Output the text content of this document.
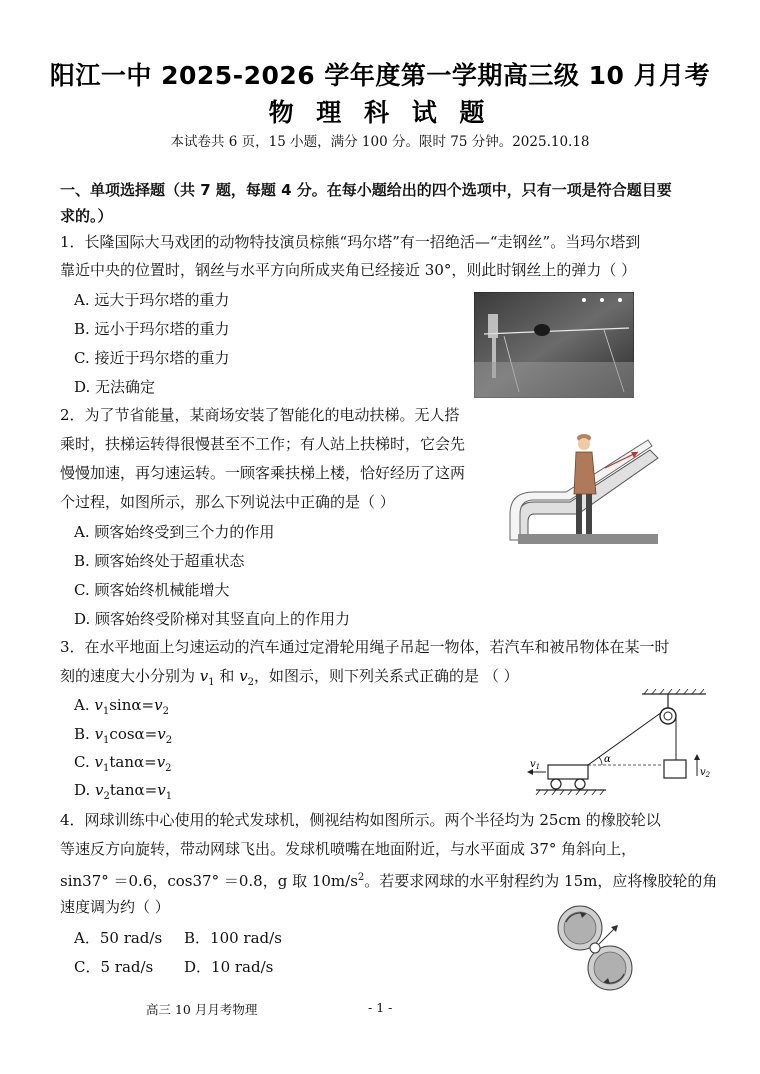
阳江一中 2025-2026 学年度第一学期高三级 10 月月考
物 理 科 试 题
本试卷共 6 页，15 小题，满分 100 分。限时 75 分钟。2025.10.18
一、单项选择题（共 7 题，每题 4 分。在每小题给出的四个选项中，只有一项是符合题目要
求的。）
1．长隆国际大马戏团的动物特技演员棕熊“玛尔塔”有一招绝活—“走钢丝”。当玛尔塔到
靠近中央的位置时，钢丝与水平方向所成夹角已经接近 30°，则此时钢丝上的弹力（ ）
A. 远大于玛尔塔的重力
B. 远小于玛尔塔的重力
C. 接近于玛尔塔的重力
D. 无法确定
2．为了节省能量，某商场安装了智能化的电动扶梯。无人搭
乘时，扶梯运转得很慢甚至不工作；有人站上扶梯时，它会先
慢慢加速，再匀速运转。一顾客乘扶梯上楼，恰好经历了这两
个过程，如图所示，那么下列说法中正确的是（ ）
A. 顾客始终受到三个力的作用
B. 顾客始终处于超重状态
C. 顾客始终机械能增大
D. 顾客始终受阶梯对其竖直向上的作用力
3．在水平地面上匀速运动的汽车通过定滑轮用绳子吊起一物体，若汽车和被吊物体在某一时
刻的速度大小分别为 $v_1$ 和 $v_2$，如图示，则下列关系式正确的是 （ ）
A. $v_1\sin\alpha=v_2$
B. $v_1\cos\alpha=v_2$
C. $v_1\tan\alpha=v_2$
D. $v_2\tan\alpha=v_1$
$v_2$
α
$v_1$
4．网球训练中心使用的轮式发球机，侧视结构如图所示。两个半径均为 25cm 的橡胶轮以
等速反方向旋转，带动网球飞出。发球机喷嘴在地面附近，与水平面成 37° 角斜向上，
sin37° ＝0.6，cos37° ＝0.8，g 取 $10m/s^2$。若要求网球的水平射程约为 15m，应将橡胶轮的角
速度调为约（ ）
A．50 rad/s B．100 rad/s
C．5 rad/s D．10 rad/s
高三 10 月月考物理	- 1 -
